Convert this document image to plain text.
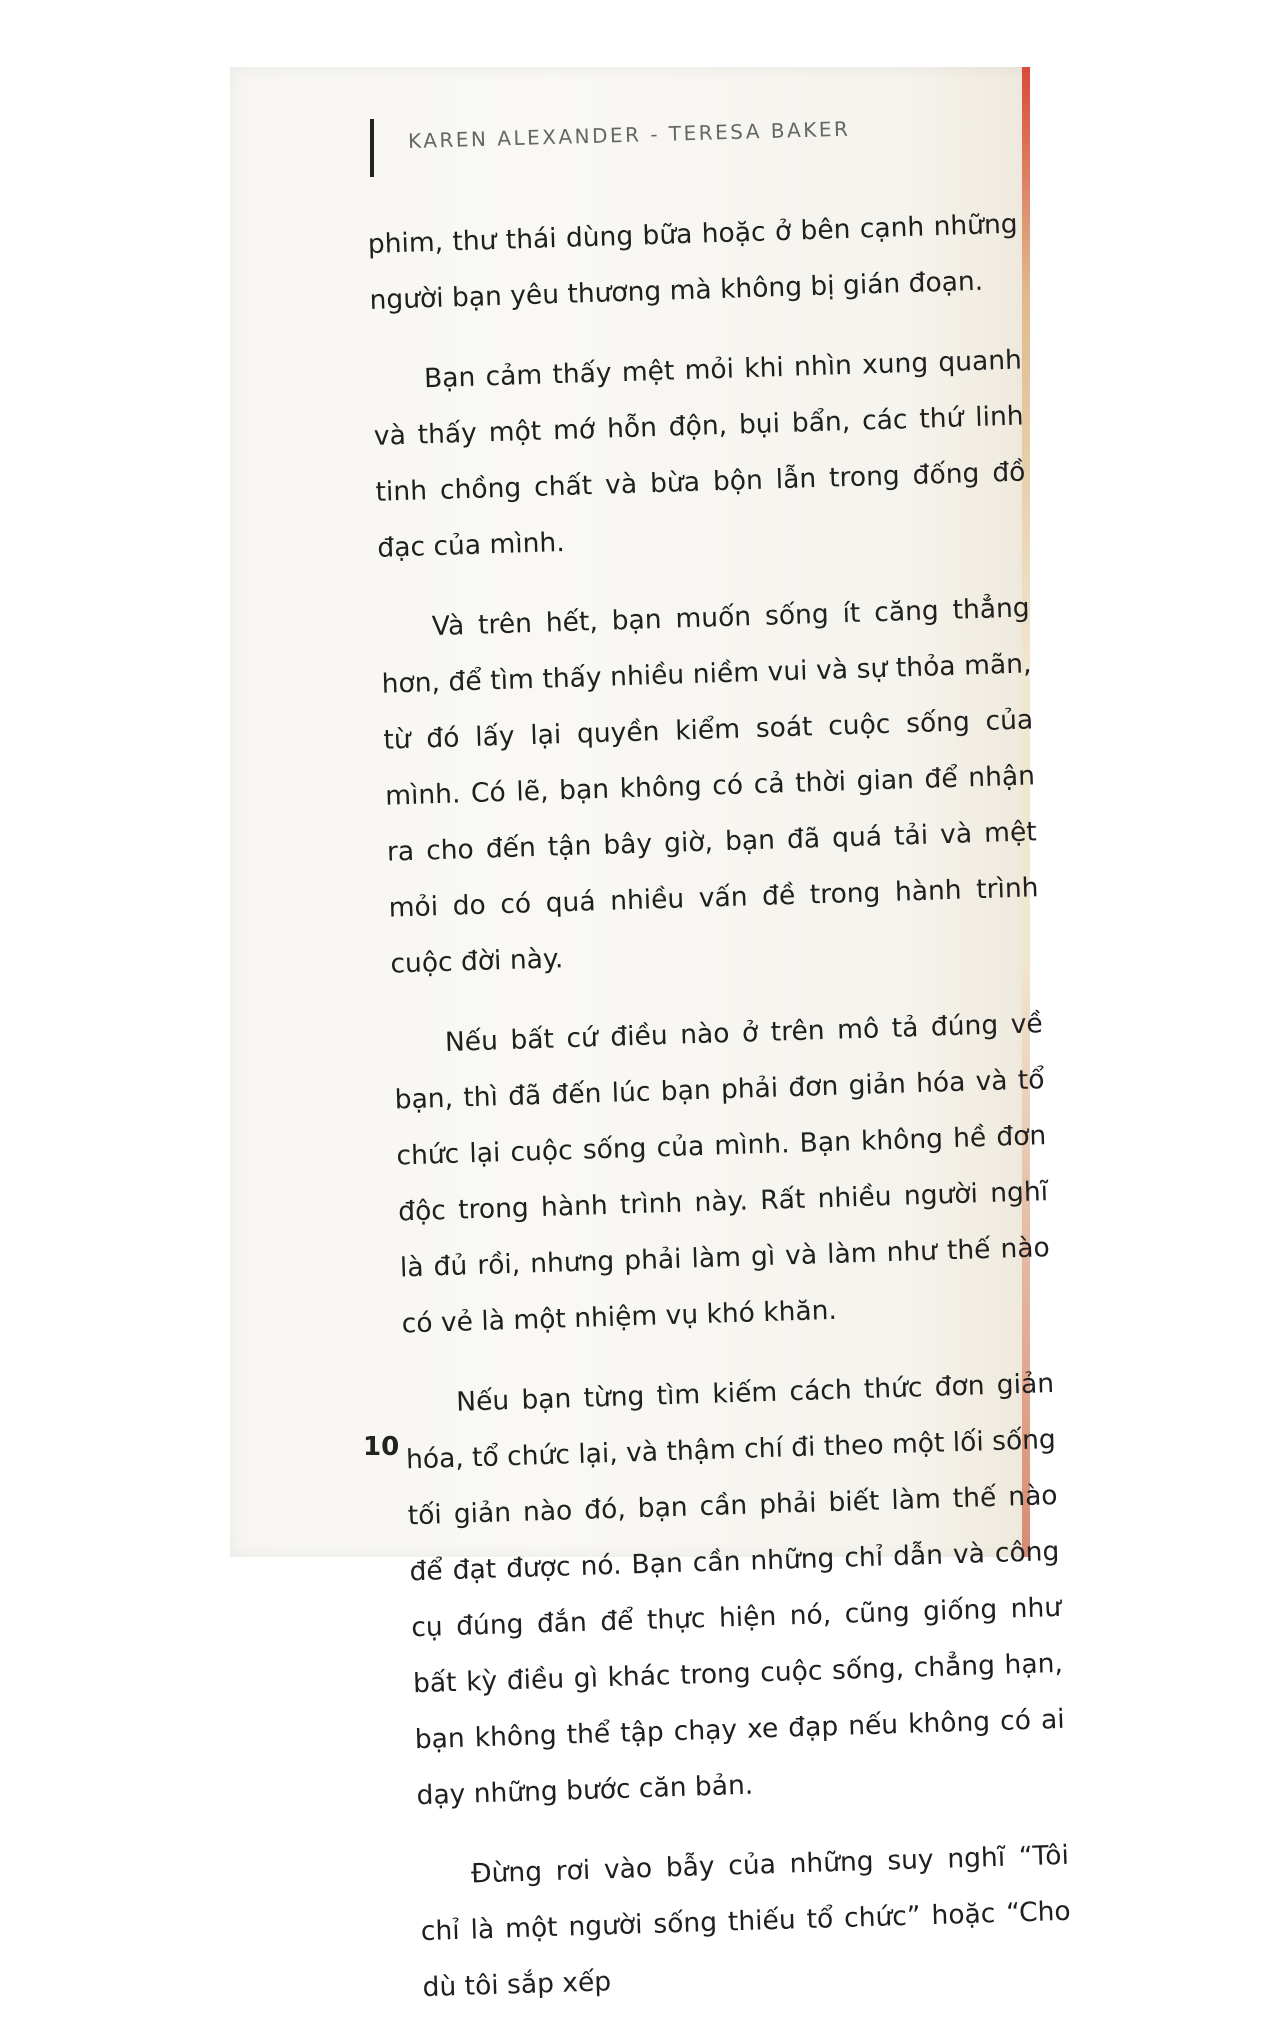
KAREN ALEXANDER - TERESA BAKER

phim, thư thái dùng bữa hoặc ở bên cạnh những người bạn yêu thương mà không bị gián đoạn.

Bạn cảm thấy mệt mỏi khi nhìn xung quanh và thấy một mớ hỗn độn, bụi bẩn, các thứ linh tinh chồng chất và bừa bộn lẫn trong đống đồ đạc của mình.

Và trên hết, bạn muốn sống ít căng thẳng hơn, để tìm thấy nhiều niềm vui và sự thỏa mãn, từ đó lấy lại quyền kiểm soát cuộc sống của mình. Có lẽ, bạn không có cả thời gian để nhận ra cho đến tận bây giờ, bạn đã quá tải và mệt mỏi do có quá nhiều vấn đề trong hành trình cuộc đời này.

Nếu bất cứ điều nào ở trên mô tả đúng về bạn, thì đã đến lúc bạn phải đơn giản hóa và tổ chức lại cuộc sống của mình. Bạn không hề đơn độc trong hành trình này. Rất nhiều người nghĩ là đủ rồi, nhưng phải làm gì và làm như thế nào có vẻ là một nhiệm vụ khó khăn.

Nếu bạn từng tìm kiếm cách thức đơn giản hóa, tổ chức lại, và thậm chí đi theo một lối sống tối giản nào đó, bạn cần phải biết làm thế nào để đạt được nó. Bạn cần những chỉ dẫn và công cụ đúng đắn để thực hiện nó, cũng giống như bất kỳ điều gì khác trong cuộc sống, chẳng hạn, bạn không thể tập chạy xe đạp nếu không có ai dạy những bước căn bản.

Đừng rơi vào bẫy của những suy nghĩ “Tôi chỉ là một người sống thiếu tổ chức” hoặc “Cho dù tôi sắp xếp

10
